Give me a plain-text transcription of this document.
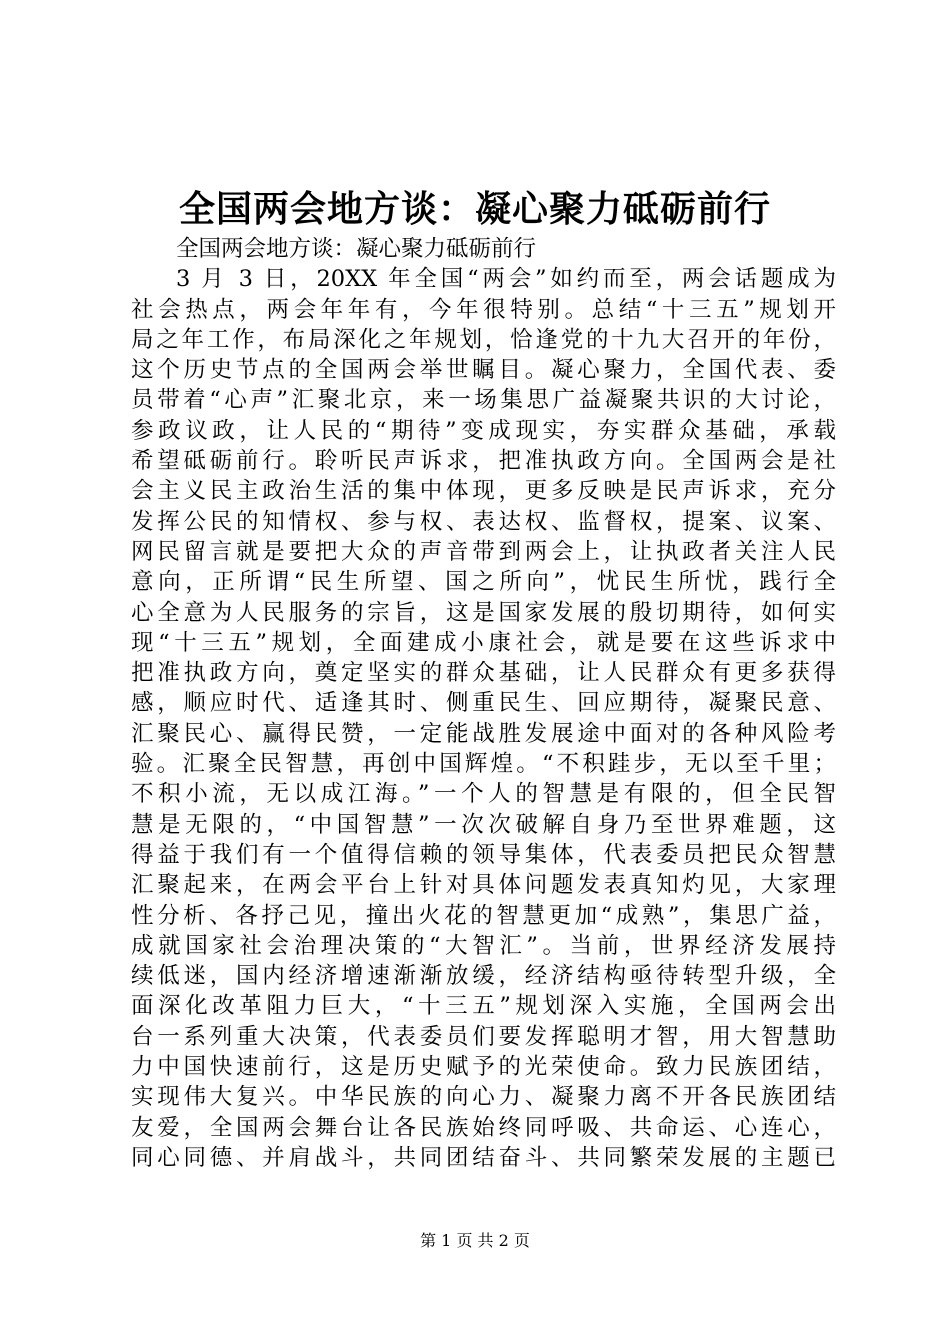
全国两会地方谈：凝心聚力砥砺前行
全国两会地方谈：凝心聚力砥砺前行
3 月 3 日，20XX 年全国“两会”如约而至，两会话题成为
社会热点，两会年年有，今年很特别。总结“十三五”规划开
局之年工作，布局深化之年规划，恰逢党的十九大召开的年份，
这个历史节点的全国两会举世瞩目。凝心聚力，全国代表、委
员带着“心声”汇聚北京，来一场集思广益凝聚共识的大讨论，
参政议政，让人民的“期待”变成现实，夯实群众基础，承载
希望砥砺前行。聆听民声诉求，把准执政方向。全国两会是社
会主义民主政治生活的集中体现，更多反映是民声诉求，充分
发挥公民的知情权、参与权、表达权、监督权，提案、议案、
网民留言就是要把大众的声音带到两会上，让执政者关注人民
意向，正所谓“民生所望、国之所向”，忧民生所忧，践行全
心全意为人民服务的宗旨，这是国家发展的殷切期待，如何实
现“十三五”规划，全面建成小康社会，就是要在这些诉求中
把准执政方向，奠定坚实的群众基础，让人民群众有更多获得
感，顺应时代、适逢其时、侧重民生、回应期待，凝聚民意、
汇聚民心、赢得民赞，一定能战胜发展途中面对的各种风险考
验。汇聚全民智慧，再创中国辉煌。“不积跬步，无以至千里；
不积小流，无以成江海。”一个人的智慧是有限的，但全民智
慧是无限的，“中国智慧”一次次破解自身乃至世界难题，这
得益于我们有一个值得信赖的领导集体，代表委员把民众智慧
汇聚起来，在两会平台上针对具体问题发表真知灼见，大家理
性分析、各抒己见，撞出火花的智慧更加“成熟”，集思广益，
成就国家社会治理决策的“大智汇”。当前，世界经济发展持
续低迷，国内经济增速渐渐放缓，经济结构亟待转型升级，全
面深化改革阻力巨大，“十三五”规划深入实施，全国两会出
台一系列重大决策，代表委员们要发挥聪明才智，用大智慧助
力中国快速前行，这是历史赋予的光荣使命。致力民族团结，
实现伟大复兴。中华民族的向心力、凝聚力离不开各民族团结
友爱，全国两会舞台让各民族始终同呼吸、共命运、心连心，
同心同德、并肩战斗，共同团结奋斗、共同繁荣发展的主题已
第 1 页 共 2 页
